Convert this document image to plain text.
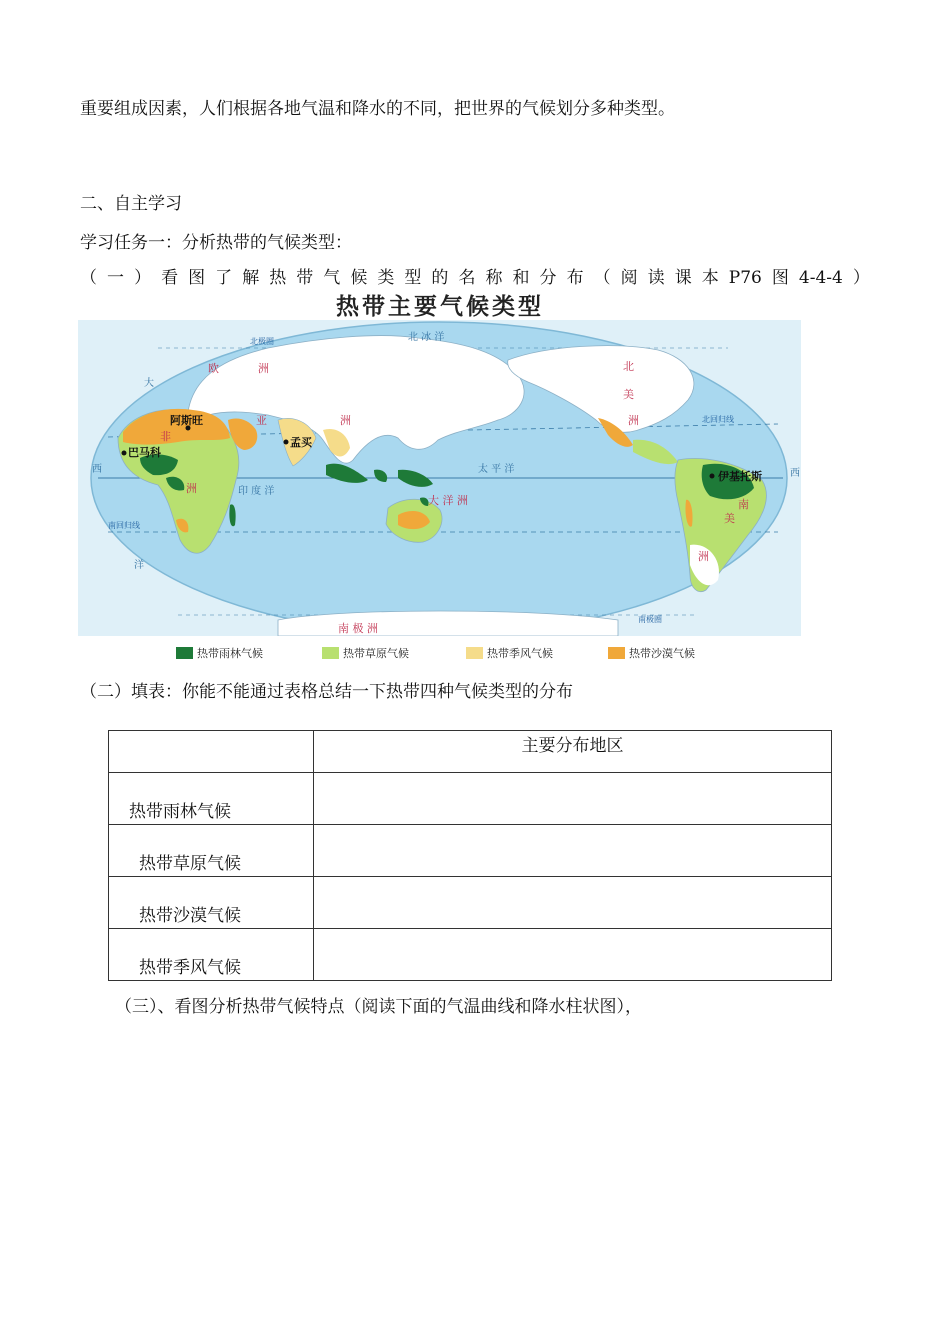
重要组成因素，人们根据各地气温和降水的不同，把世界的气候划分多种类型。
二、自主学习
学习任务一：分析热带的气候类型：
（ 一 ） 看 图 了 解 热 带 气 候 类 型 的 名 称 和 分 布 （ 阅 读 课 本 P76 图 4-4-4 ）
热带主要气候类型
北 冰 洋
欧	洲
亚	洲
非
洲
北
美
洲
南
美
洲
大
西
洋
印 度 洋
太 平 洋
大 洋 洲
西
南 极 洲
北回归线
南回归线
北极圈
南极圈
阿斯旺
巴马科
孟买
伊基托斯
热带雨林气候	热带草原气候	热带季风气候	热带沙漠气候
（二）填表：你能不能通过表格总结一下热带四种气候类型的分布
	主要分布地区
热带雨林气候	
热带草原气候	
热带沙漠气候	
热带季风气候	
（三）、看图分析热带气候特点（阅读下面的气温曲线和降水柱状图），
